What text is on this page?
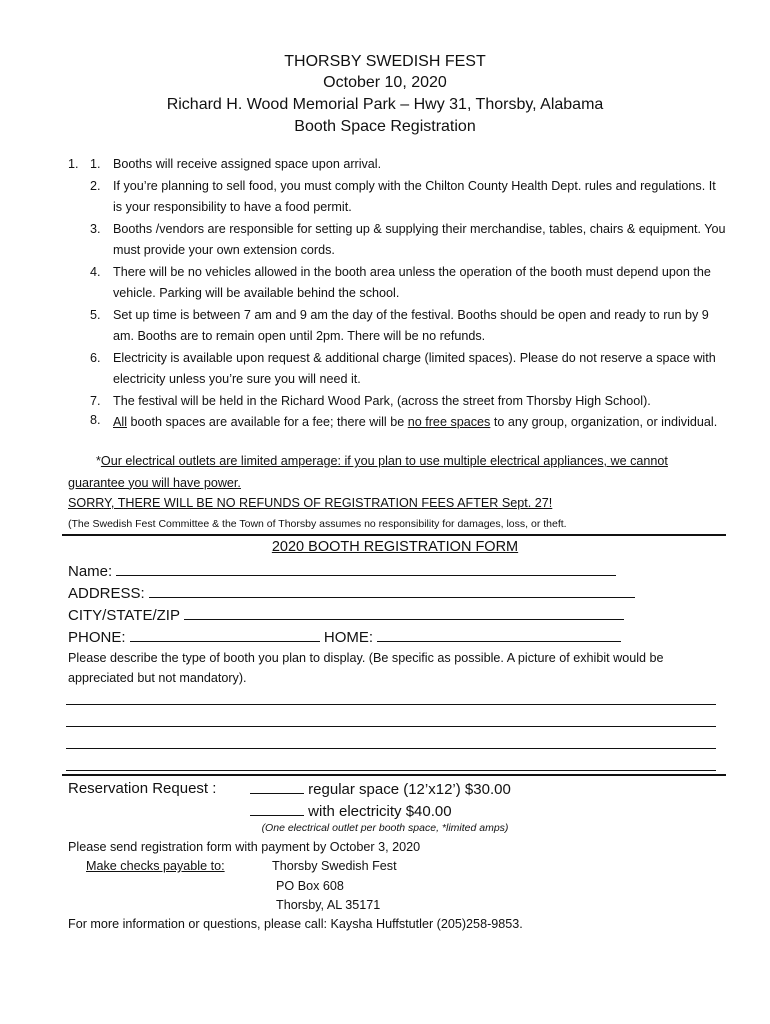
THORSBY SWEDISH FEST
October 10, 2020
Richard H. Wood Memorial Park – Hwy 31, Thorsby, Alabama
Booth Space Registration
1. 1. Booths will receive assigned space upon arrival.
2. If you’re planning to sell food, you must comply with the Chilton County Health Dept. rules and regulations. It is your responsibility to have a food permit.
3. Booths /vendors are responsible for setting up & supplying their merchandise, tables, chairs & equipment. You must provide your own extension cords.
4. There will be no vehicles allowed in the booth area unless the operation of the booth must depend upon the vehicle. Parking will be available behind the school.
5. Set up time is between 7 am and 9 am the day of the festival. Booths should be open and ready to run by 9 am. Booths are to remain open until 2pm. There will be no refunds.
6. Electricity is available upon request & additional charge (limited spaces). Please do not reserve a space with electricity unless you’re sure you will need it.
7. The festival will be held in the Richard Wood Park, (across the street from Thorsby High School).
8. All booth spaces are available for a fee; there will be no free spaces to any group, organization, or individual.
*Our electrical outlets are limited amperage: if you plan to use multiple electrical appliances, we cannot guarantee you will have power.
SORRY, THERE WILL BE NO REFUNDS OF REGISTRATION FEES AFTER Sept. 27!
(The Swedish Fest Committee & the Town of Thorsby assumes no responsibility for damages, loss, or theft.
2020 BOOTH REGISTRATION FORM
Name:
ADDRESS:
CITY/STATE/ZIP
PHONE:	HOME:
Please describe the type of booth you plan to display. (Be specific as possible. A picture of exhibit would be appreciated but not mandatory).
Reservation Request :	regular space (12’x12’) $30.00
with electricity $40.00
(One electrical outlet per booth space, *limited amps)
Please send registration form with payment by October 3, 2020
Make checks payable to:	Thorsby Swedish Fest
PO Box 608
Thorsby, AL 35171
For more information or questions, please call: Kaysha Huffstutler (205)258-9853.
